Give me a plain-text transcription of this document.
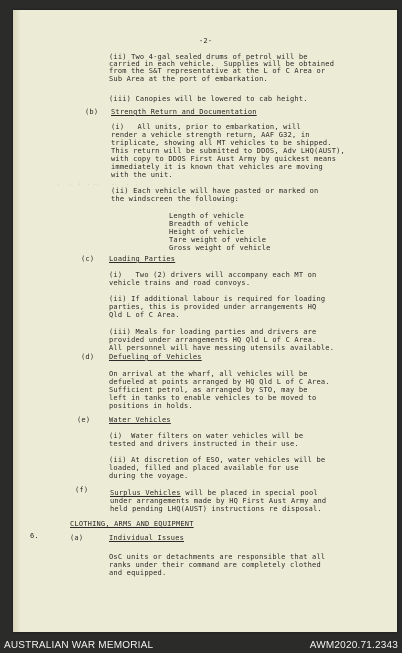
-2-
(ii) Two 4-gal sealed drums of petrol will be
carried in each vehicle.  Supplies will be obtained
from the S&T representative at the L of C Area or
Sub Area at the port of embarkation.
(iii) Canopies will be lowered to cab height.
(b) Strength Return and Documentation
(i)   All units, prior to embarkation, will
render a vehicle strength return, AAF G32, in
triplicate, showing all MT vehicles to be shipped.
This return will be submitted to DDOS, Adv LHQ(AUST),
with copy to DDOS First Aust Army by quickest means
immediately it is known that vehicles are moving
with the unit.
.   .  :  . ..    ..   .  .
(ii) Each vehicle will have pasted or marked on
the windscreen the following:
Length of vehicle
Breadth of vehicle
Height of vehicle
Tare weight of vehicle
Gross weight of vehicle
(c) Loading Parties
(i)   Two (2) drivers will accompany each MT on
vehicle trains and road convoys.
(ii) If additional labour is required for loading
parties, this is provided under arrangements HQ
Qld L of C Area.
(iii) Meals for loading parties and drivers are
provided under arrangements HQ Qld L of C Area.
All personnel will have messing utensils available.
(d) Defueling of Vehicles
On arrival at the wharf, all vehicles will be
defueled at points arranged by HQ Qld L of C Area.
Sufficient petrol, as arranged by STO, may be
left in tanks to enable vehicles to be moved to
positions in holds.
(e)	Water Vehicles
(i)  Water filters on water vehicles will be
tested and drivers instructed in their use.
(ii) At discretion of ESO, water vehicles will be
loaded, filled and placed available for use
during the voyage.
(f)	Surplus Vehicles will be placed in special pool
under arrangements made by HQ First Aust Army and
held pending LHQ(AUST) instructions re disposal.
CLOTHING, ARMS AND EQUIPMENT
6.	(a)	Individual Issues
OsC units or detachments are responsible that all
ranks under their command are completely clothed
and equipped.
AUSTRALIAN WAR MEMORIAL	AWM2020.71.2343
